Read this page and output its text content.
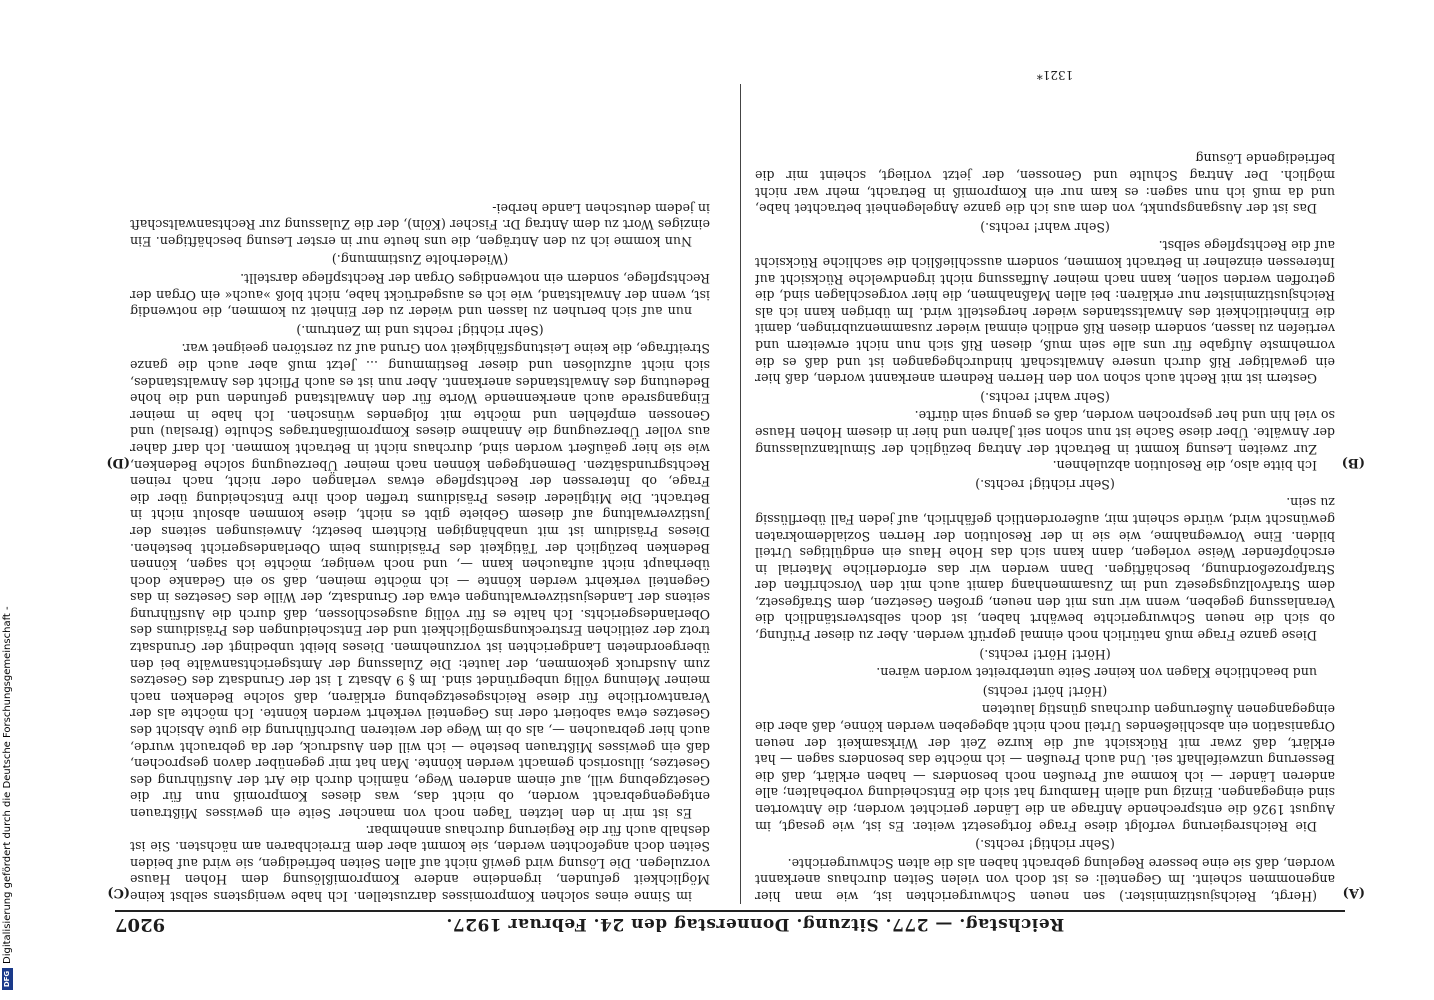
Reichstag. — 277. Sitzung. Donnerstag den 24. Februar 1927.
9207
(A)
(B)
(C)
(D)

(Hergt, Reichsjustizminister.) sen neuen Schwurgerichten ist, wie man hier angenommen scheint. Im Gegenteil: es ist doch von vielen Seiten durchaus anerkannt worden, daß sie eine bessere Regelung gebracht haben als die alten Schwurgerichte.

(Sehr richtig! rechts.)

Die Reichsregierung verfolgt diese Frage fortgesetzt weiter. Es ist, wie gesagt, im August 1926 die entsprechende Anfrage an die Länder gerichtet worden; die Antworten sind eingegangen. Einzig und allein Hamburg hat sich die Entscheidung vorbehalten; alle anderen Länder — ich komme auf Preußen noch besonders — haben erklärt, daß die Besserung unzweifelhaft sei. Und auch Preußen — ich möchte das besonders sagen — hat erklärt, daß zwar mit Rücksicht auf die kurze Zeit der Wirksamkeit der neuen Organisation ein abschließendes Urteil noch nicht abgegeben werden könne, daß aber die eingegangenen Äußerungen durchaus günstig lauteten

(Hört! hört! rechts)

und beachtliche Klagen von keiner Seite unterbreitet worden wären.

(Hört! Hört! rechts.)

Diese ganze Frage muß natürlich noch einmal geprüft werden. Aber zu dieser Prüfung, ob sich die neuen Schwurgerichte bewährt haben, ist doch selbstverständlich die Veranlassung gegeben, wenn wir uns mit den neuen, großen Gesetzen, dem Strafgesetz, dem Strafvollzugsgesetz und im Zusammenhang damit auch mit den Vorschriften der Strafprozeßordnung, beschäftigen. Dann werden wir das erforderliche Material in erschöpfender Weise vorlegen, dann kann sich das Hohe Haus ein endgültiges Urteil bilden. Eine Vorwegnahme, wie sie in der Resolution der Herren Sozialdemokraten gewünscht wird, würde scheint mir, außerordentlich gefährlich, auf jeden Fall überflüssig zu sein.

(Sehr richtig! rechts.)

Ich bitte also, die Resolution abzulehnen.

Zur zweiten Lesung kommt in Betracht der Antrag bezüglich der Simultanzulassung der Anwälte. Über diese Sache ist nun schon seit Jahren und hier in diesem Hohen Hause so viel hin und her gesprochen worden, daß es genug sein dürfte.

(Sehr wahr! rechts.)

Gestern ist mit Recht auch schon von den Herren Rednern anerkannt worden, daß hier ein gewaltiger Riß durch unsere Anwaltschaft hindurchgegangen ist und daß es die vornehmste Aufgabe für uns alle sein muß, diesen Riß sich nun nicht erweitern und vertiefen zu lassen, sondern diesen Riß endlich einmal wieder zusammenzubringen, damit die Einheitlichkeit des Anwaltsstandes wieder hergestellt wird. Im übrigen kann ich als Reichsjustizminister nur erklären: bei allen Maßnahmen, die hier vorgeschlagen sind, die getroffen werden sollen, kann nach meiner Auffassung nicht irgendwelche Rücksicht auf Interessen einzelner in Betracht kommen, sondern ausschließlich die sachliche Rücksicht auf die Rechtspflege selbst.

(Sehr wahr! rechts.)

Das ist der Ausgangspunkt, von dem aus ich die ganze Angelegenheit betrachtet habe, und da muß ich nun sagen: es kam nur ein Kompromiß in Betracht, mehr war nicht möglich. Der Antrag Schulte und Genossen, der jetzt vorliegt, scheint mir die befriedigende Lösung

im Sinne eines solchen Kompromisses darzustellen. Ich habe wenigstens selbst keine Möglichkeit gefunden, irgendeine andere Kompromißlösung dem Hohen Hause vorzulegen. Die Lösung wird gewiß nicht auf allen Seiten befriedigen, sie wird auf beiden Seiten doch angefochten werden, sie kommt aber dem Erreichbaren am nächsten. Sie ist deshalb auch für die Regierung durchaus annehmbar.

Es ist mir in den letzten Tagen noch von mancher Seite ein gewisses Mißtrauen entgegengebracht worden, ob nicht das, was dieses Kompromiß nun für die Gesetzgebung will, auf einem anderen Wege, nämlich durch die Art der Ausführung des Gesetzes, illusorisch gemacht werden könnte. Man hat mir gegenüber davon gesprochen, daß ein gewisses Mißtrauen bestehe — ich will den Ausdruck, der da gebraucht wurde, auch hier gebrauchen —, als ob im Wege der weiteren Durchführung die gute Absicht des Gesetzes etwa sabotiert oder ins Gegenteil verkehrt werden könnte. Ich möchte als der Verantwortliche für diese Reichsgesetzgebung erklären, daß solche Bedenken nach meiner Meinung völlig unbegründet sind. Im § 9 Absatz 1 ist der Grundsatz des Gesetzes zum Ausdruck gekommen, der lautet: Die Zulassung der Amtsgerichtsanwälte bei den übergeordneten Landgerichten ist vorzunehmen. Dieses bleibt unbedingt der Grundsatz trotz der zeitlichen Erstreckungsmöglichkeit und der Entscheidungen des Präsidiums des Oberlandesgerichts. Ich halte es für völlig ausgeschlossen, daß durch die Ausführung seitens der Landesjustizverwaltungen etwa der Grundsatz, der Wille des Gesetzes in das Gegenteil verkehrt werden könnte — ich möchte meinen, daß so ein Gedanke doch überhaupt nicht auftauchen kann —, und noch weniger, möchte ich sagen, können Bedenken bezüglich der Tätigkeit des Präsidiums beim Oberlandesgericht bestehen. Dieses Präsidium ist mit unabhängigen Richtern besetzt; Anweisungen seitens der Justizverwaltung auf diesem Gebiete gibt es nicht, diese kommen absolut nicht in Betracht. Die Mitglieder dieses Präsidiums treffen doch ihre Entscheidung über die Frage, ob Interessen der Rechtspflege etwas verlangen oder nicht, nach reinen Rechtsgrundsätzen. Dementgegen können nach meiner Überzeugung solche Bedenken, wie sie hier geäußert worden sind, durchaus nicht in Betracht kommen. Ich darf daher aus voller Überzeugung die Annahme dieses Kompromißantrages Schulte (Breslau) und Genossen empfehlen und möchte mit folgendes wünschen. Ich habe in meiner Eingangsrede auch anerkennende Worte für den Anwaltstand gefunden und die hohe Bedeutung des Anwaltstandes anerkannt. Aber nun ist es auch Pflicht des Anwaltstandes, sich nicht aufzulösen und dieser Bestimmung ... Jetzt muß aber auch die ganze Streitfrage, die keine Leistungsfähigkeit von Grund auf zu zerstören geeignet war.

(Sehr richtig! rechts und im Zentrum.)

nun auf sich beruhen zu lassen und wieder zu der Einheit zu kommen, die notwendig ist, wenn der Anwaltstand, wie ich es ausgedrückt habe, nicht bloß »auch« ein Organ der Rechtspflege, sondern ein notwendiges Organ der Rechtspflege darstellt.

(Wiederholte Zustimmung.)

Nun komme ich zu den Anträgen, die uns heute nur in erster Lesung beschäftigen. Ein einziges Wort zu dem Antrag Dr. Fischer (Köln), der die Zulassung zur Rechtsanwaltschaft in jedem deutschen Lande herbei-

1321*
DFG
Digitalisierung gefördert durch die Deutsche Forschungsgemeinschaft -
